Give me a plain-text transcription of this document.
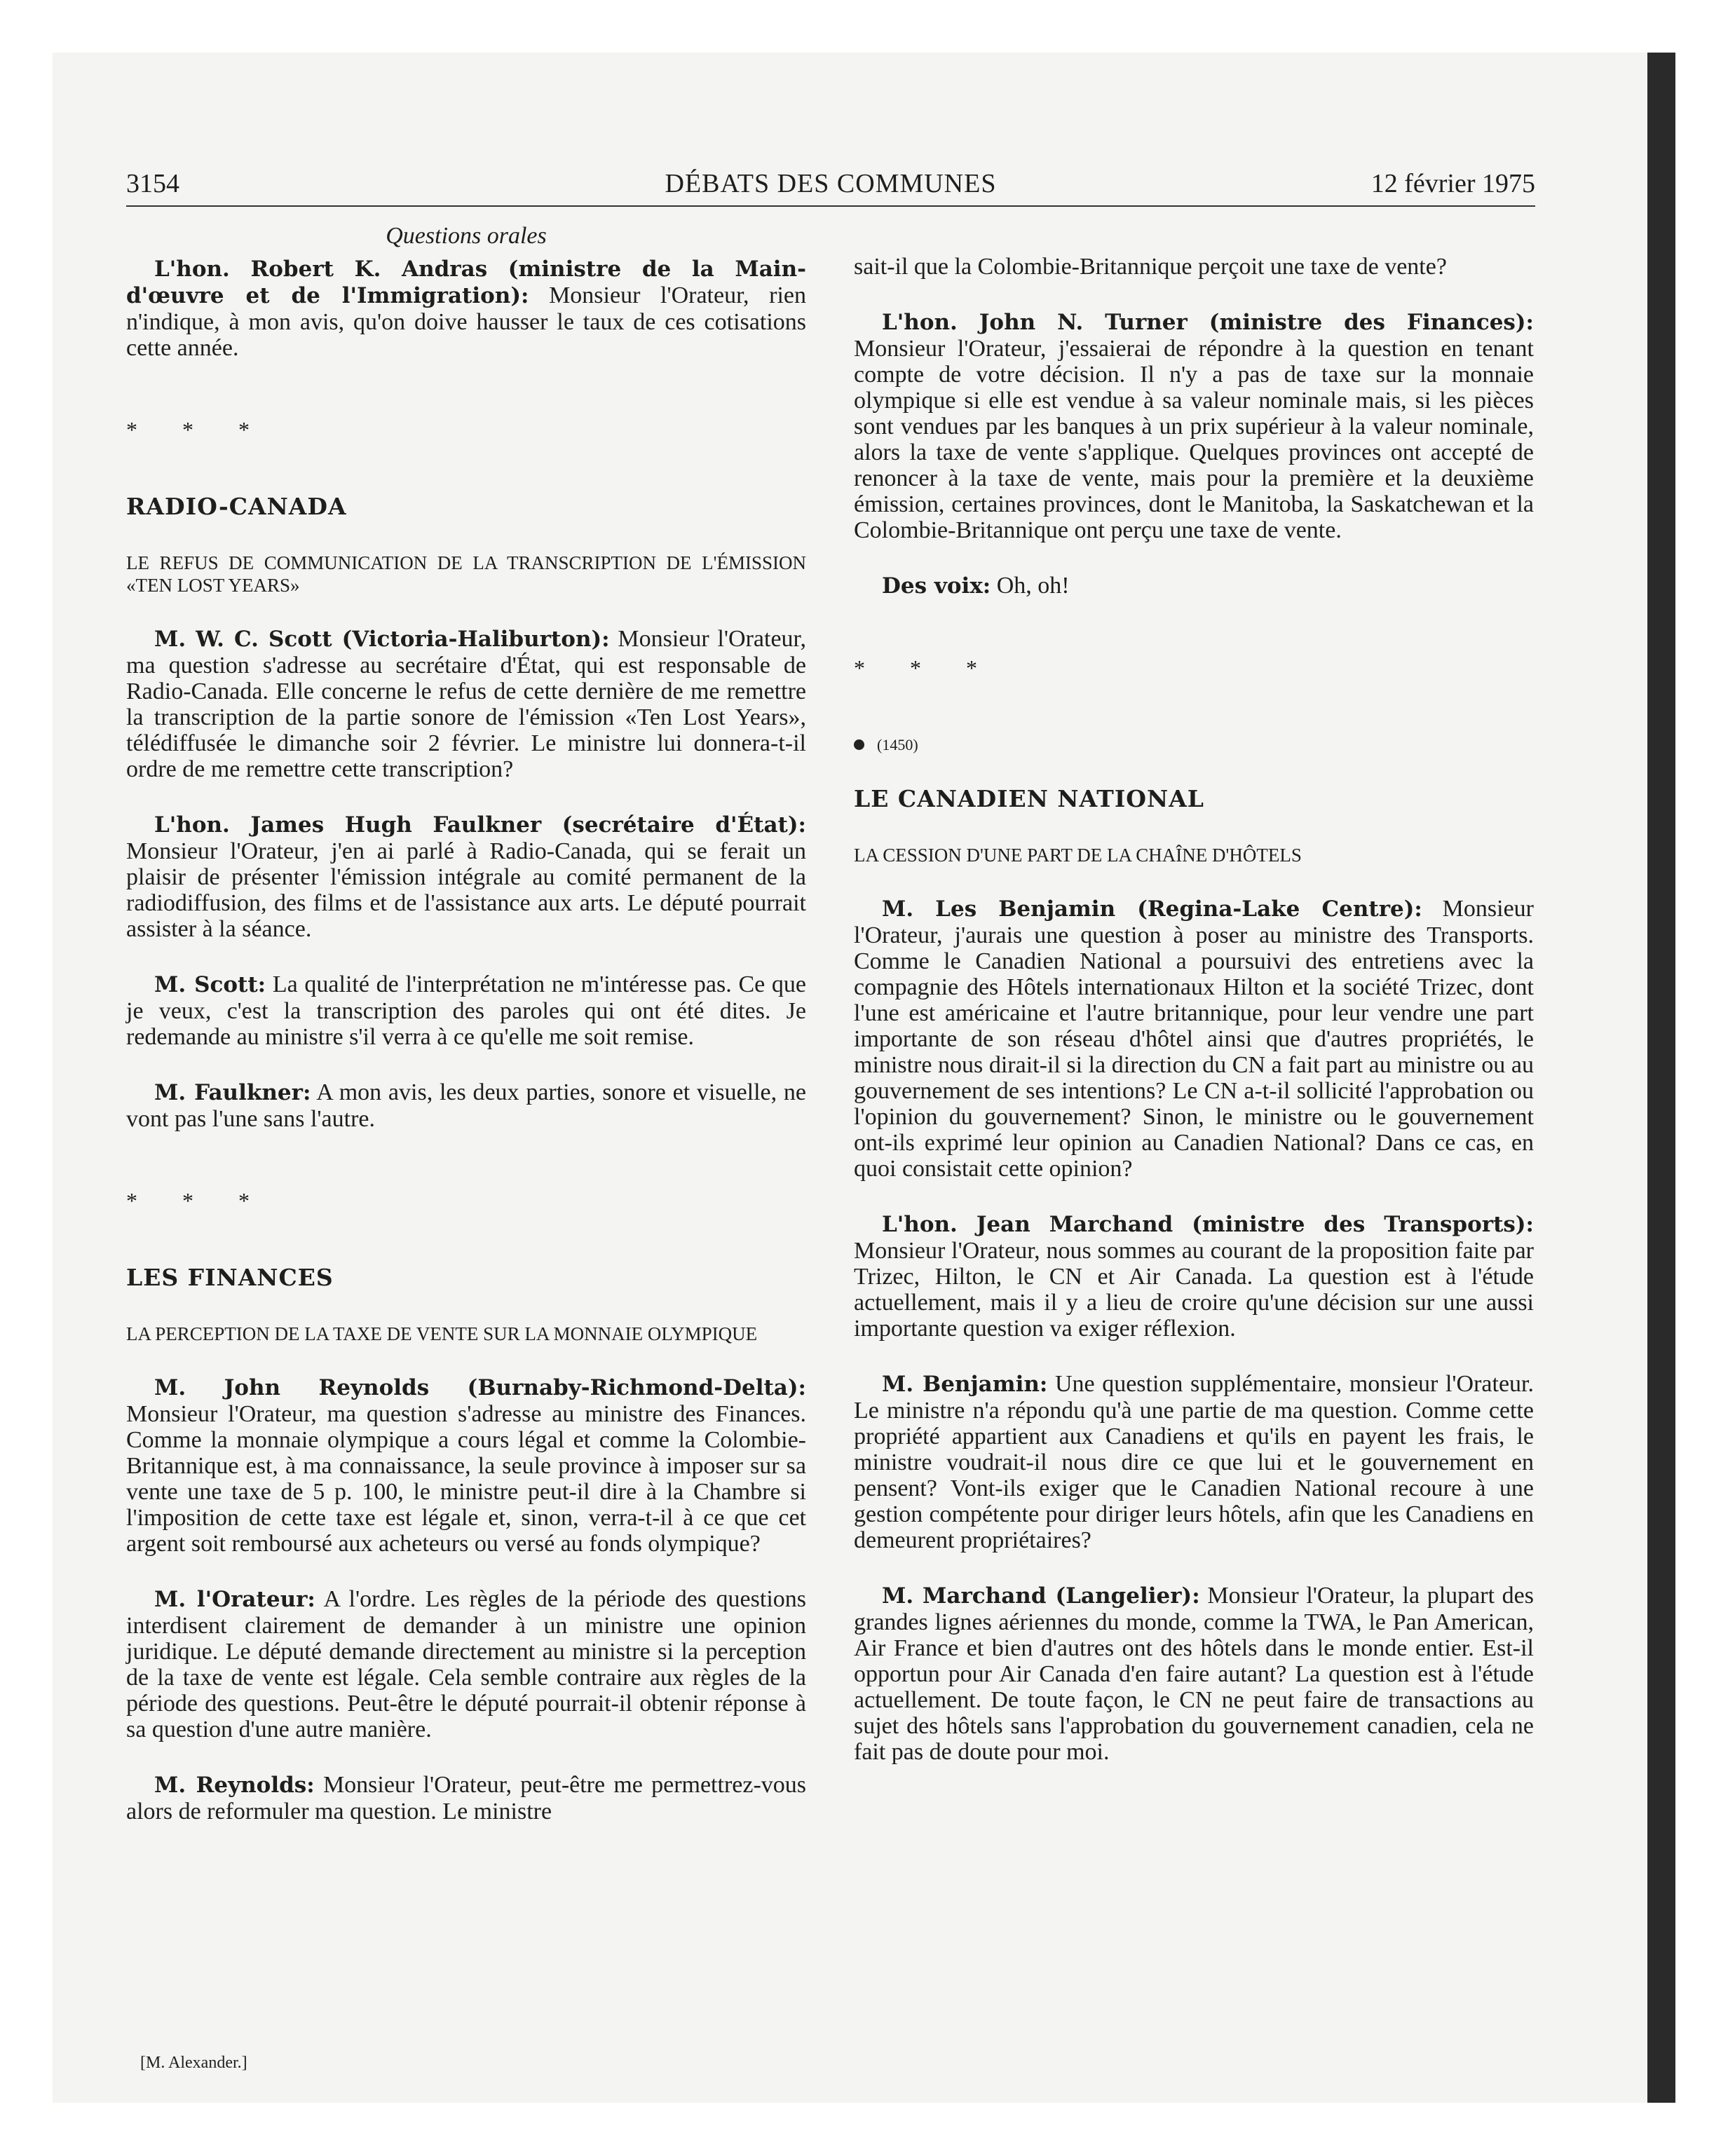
3154	DÉBATS DES COMMUNES	12 février 1975
Questions orales

L'hon. Robert K. Andras (ministre de la Main-d'œuvre et de l'Immigration): Monsieur l'Orateur, rien n'indique, à mon avis, qu'on doive hausser le taux de ces cotisations cette année.

* * *

RADIO-CANADA

LE REFUS DE COMMUNICATION DE LA TRANSCRIPTION DE L'ÉMISSION «TEN LOST YEARS»

M. W. C. Scott (Victoria-Haliburton): Monsieur l'Orateur, ma question s'adresse au secrétaire d'État, qui est responsable de Radio-Canada. Elle concerne le refus de cette dernière de me remettre la transcription de la partie sonore de l'émission «Ten Lost Years», télédiffusée le dimanche soir 2 février. Le ministre lui donnera-t-il ordre de me remettre cette transcription?

L'hon. James Hugh Faulkner (secrétaire d'État): Monsieur l'Orateur, j'en ai parlé à Radio-Canada, qui se ferait un plaisir de présenter l'émission intégrale au comité permanent de la radiodiffusion, des films et de l'assistance aux arts. Le député pourrait assister à la séance.

M. Scott: La qualité de l'interprétation ne m'intéresse pas. Ce que je veux, c'est la transcription des paroles qui ont été dites. Je redemande au ministre s'il verra à ce qu'elle me soit remise.

M. Faulkner: A mon avis, les deux parties, sonore et visuelle, ne vont pas l'une sans l'autre.

* * *

LES FINANCES

LA PERCEPTION DE LA TAXE DE VENTE SUR LA MONNAIE OLYMPIQUE

M. John Reynolds (Burnaby-Richmond-Delta): Monsieur l'Orateur, ma question s'adresse au ministre des Finances. Comme la monnaie olympique a cours légal et comme la Colombie-Britannique est, à ma connaissance, la seule province à imposer sur sa vente une taxe de 5 p. 100, le ministre peut-il dire à la Chambre si l'imposition de cette taxe est légale et, sinon, verra-t-il à ce que cet argent soit remboursé aux acheteurs ou versé au fonds olympique?

M. l'Orateur: A l'ordre. Les règles de la période des questions interdisent clairement de demander à un ministre une opinion juridique. Le député demande directement au ministre si la perception de la taxe de vente est légale. Cela semble contraire aux règles de la période des questions. Peut-être le député pourrait-il obtenir réponse à sa question d'une autre manière.

M. Reynolds: Monsieur l'Orateur, peut-être me permettrez-vous alors de reformuler ma question. Le ministre

sait-il que la Colombie-Britannique perçoit une taxe de vente?

L'hon. John N. Turner (ministre des Finances): Monsieur l'Orateur, j'essaierai de répondre à la question en tenant compte de votre décision. Il n'y a pas de taxe sur la monnaie olympique si elle est vendue à sa valeur nominale mais, si les pièces sont vendues par les banques à un prix supérieur à la valeur nominale, alors la taxe de vente s'applique. Quelques provinces ont accepté de renoncer à la taxe de vente, mais pour la première et la deuxième émission, certaines provinces, dont le Manitoba, la Saskatchewan et la Colombie-Britannique ont perçu une taxe de vente.

Des voix: Oh, oh!

* * *

(1450)

LE CANADIEN NATIONAL

LA CESSION D'UNE PART DE LA CHAÎNE D'HÔTELS

M. Les Benjamin (Regina-Lake Centre): Monsieur l'Orateur, j'aurais une question à poser au ministre des Transports. Comme le Canadien National a poursuivi des entretiens avec la compagnie des Hôtels internationaux Hilton et la société Trizec, dont l'une est américaine et l'autre britannique, pour leur vendre une part importante de son réseau d'hôtel ainsi que d'autres propriétés, le ministre nous dirait-il si la direction du CN a fait part au ministre ou au gouvernement de ses intentions? Le CN a-t-il sollicité l'approbation ou l'opinion du gouvernement? Sinon, le ministre ou le gouvernement ont-ils exprimé leur opinion au Canadien National? Dans ce cas, en quoi consistait cette opinion?

L'hon. Jean Marchand (ministre des Transports): Monsieur l'Orateur, nous sommes au courant de la proposition faite par Trizec, Hilton, le CN et Air Canada. La question est à l'étude actuellement, mais il y a lieu de croire qu'une décision sur une aussi importante question va exiger réflexion.

M. Benjamin: Une question supplémentaire, monsieur l'Orateur. Le ministre n'a répondu qu'à une partie de ma question. Comme cette propriété appartient aux Canadiens et qu'ils en payent les frais, le ministre voudrait-il nous dire ce que lui et le gouvernement en pensent? Vont-ils exiger que le Canadien National recoure à une gestion compétente pour diriger leurs hôtels, afin que les Canadiens en demeurent propriétaires?

M. Marchand (Langelier): Monsieur l'Orateur, la plupart des grandes lignes aériennes du monde, comme la TWA, le Pan American, Air France et bien d'autres ont des hôtels dans le monde entier. Est-il opportun pour Air Canada d'en faire autant? La question est à l'étude actuellement. De toute façon, le CN ne peut faire de transactions au sujet des hôtels sans l'approbation du gouvernement canadien, cela ne fait pas de doute pour moi.

[M. Alexander.]
